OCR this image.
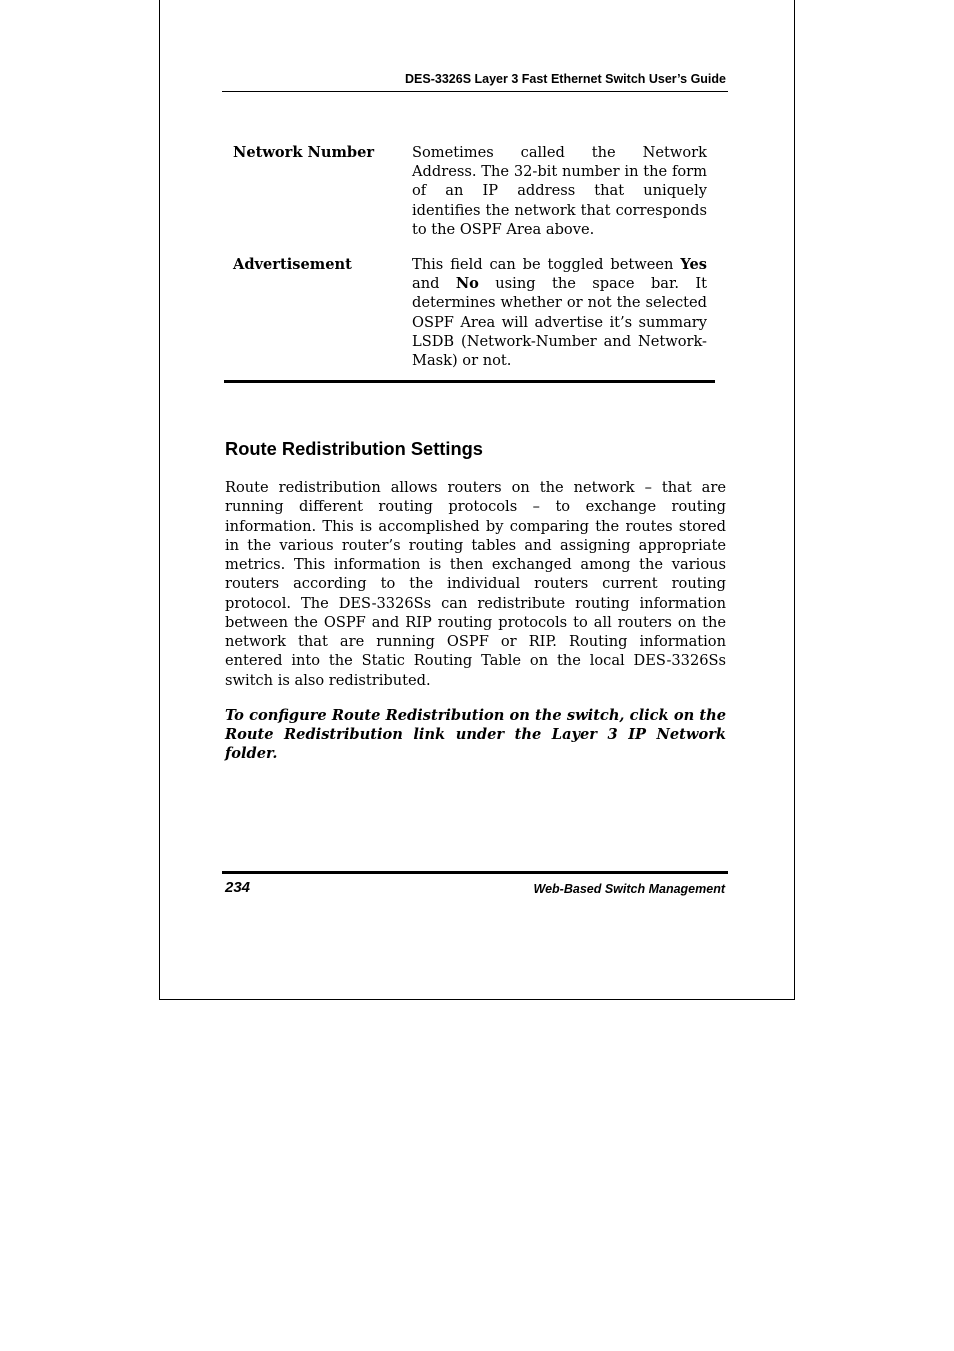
DES-3326S Layer 3 Fast Ethernet Switch User’s Guide
Network Number	Sometimes called the Network Address. The 32-bit number in the form of an IP address that uniquely identifies the network that corresponds to the OSPF Area above.
Advertisement	This field can be toggled between Yes and No using the space bar. It determines whether or not the selected OSPF Area will advertise it’s summary LSDB (Network-Number and Network-Mask) or not.
Route Redistribution Settings
Route redistribution allows routers on the network – that are running different routing protocols – to exchange routing information. This is accomplished by comparing the routes stored in the various router’s routing tables and assigning appropriate metrics. This information is then exchanged among the various routers according to the individual routers current routing protocol. The DES-3326Ss can redistribute routing information between the OSPF and RIP routing protocols to all routers on the network that are running OSPF or RIP. Routing information entered into the Static Routing Table on the local DES-3326Ss switch is also redistributed.
To configure Route Redistribution on the switch, click on the Route Redistribution link under the Layer 3 IP Network folder.
234	Web-Based Switch Management
